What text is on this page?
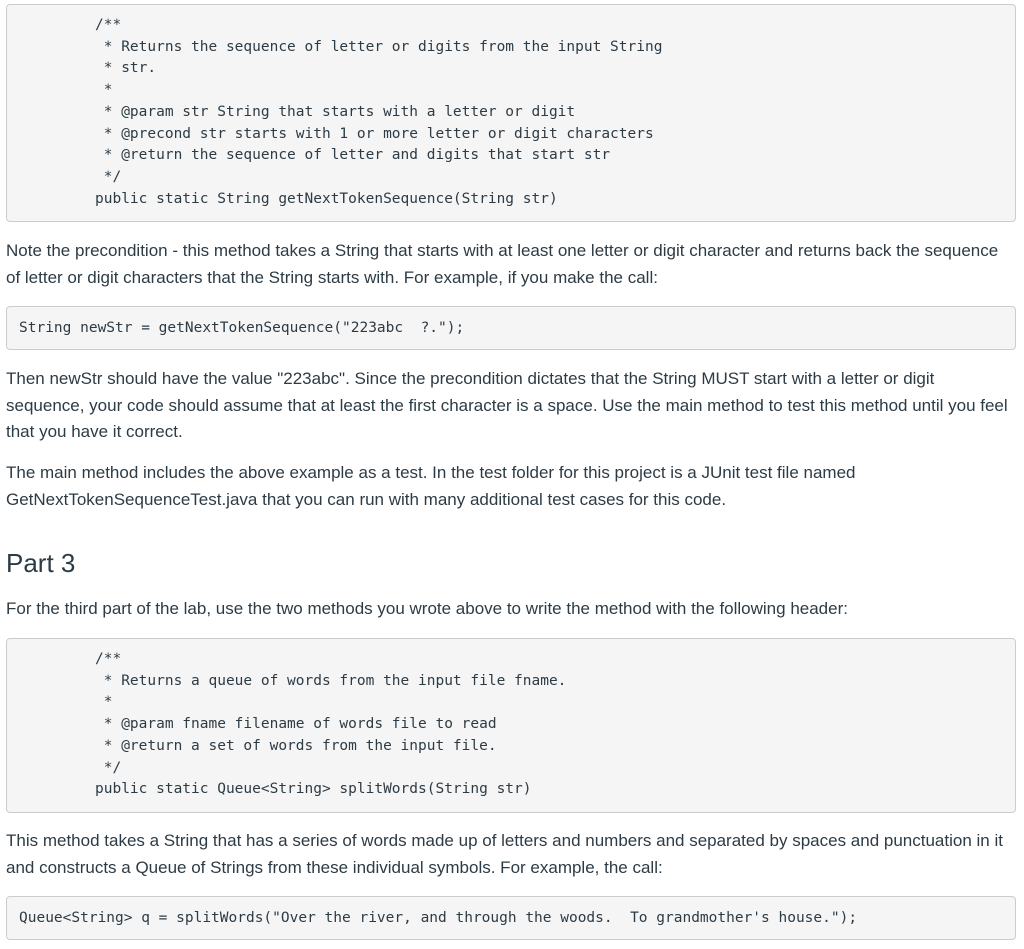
/**
* Returns the sequence of letter or digits from the input String
* str.
*
* @param str String that starts with a letter or digit
* @precond str starts with 1 or more letter or digit characters
* @return the sequence of letter and digits that start str
*/
public static String getNextTokenSequence(String str)

Note the precondition - this method takes a String that starts with at least one letter or digit character and returns back the sequence of letter or digit characters that the String starts with. For example, if you make the call:

String newStr = getNextTokenSequence("223abc  ?.");

Then newStr should have the value "223abc". Since the precondition dictates that the String MUST start with a letter or digit sequence, your code should assume that at least the first character is a space. Use the main method to test this method until you feel that you have it correct.

The main method includes the above example as a test. In the test folder for this project is a JUnit test file named GetNextTokenSequenceTest.java that you can run with many additional test cases for this code.

Part 3

For the third part of the lab, use the two methods you wrote above to write the method with the following header:

/**
* Returns a queue of words from the input file fname.
*
* @param fname filename of words file to read
* @return a set of words from the input file.
*/
public static Queue<String> splitWords(String str)

This method takes a String that has a series of words made up of letters and numbers and separated by spaces and punctuation in it and constructs a Queue of Strings from these individual symbols. For example, the call:

Queue<String> q = splitWords("Over the river, and through the woods.  To grandmother's house.");
